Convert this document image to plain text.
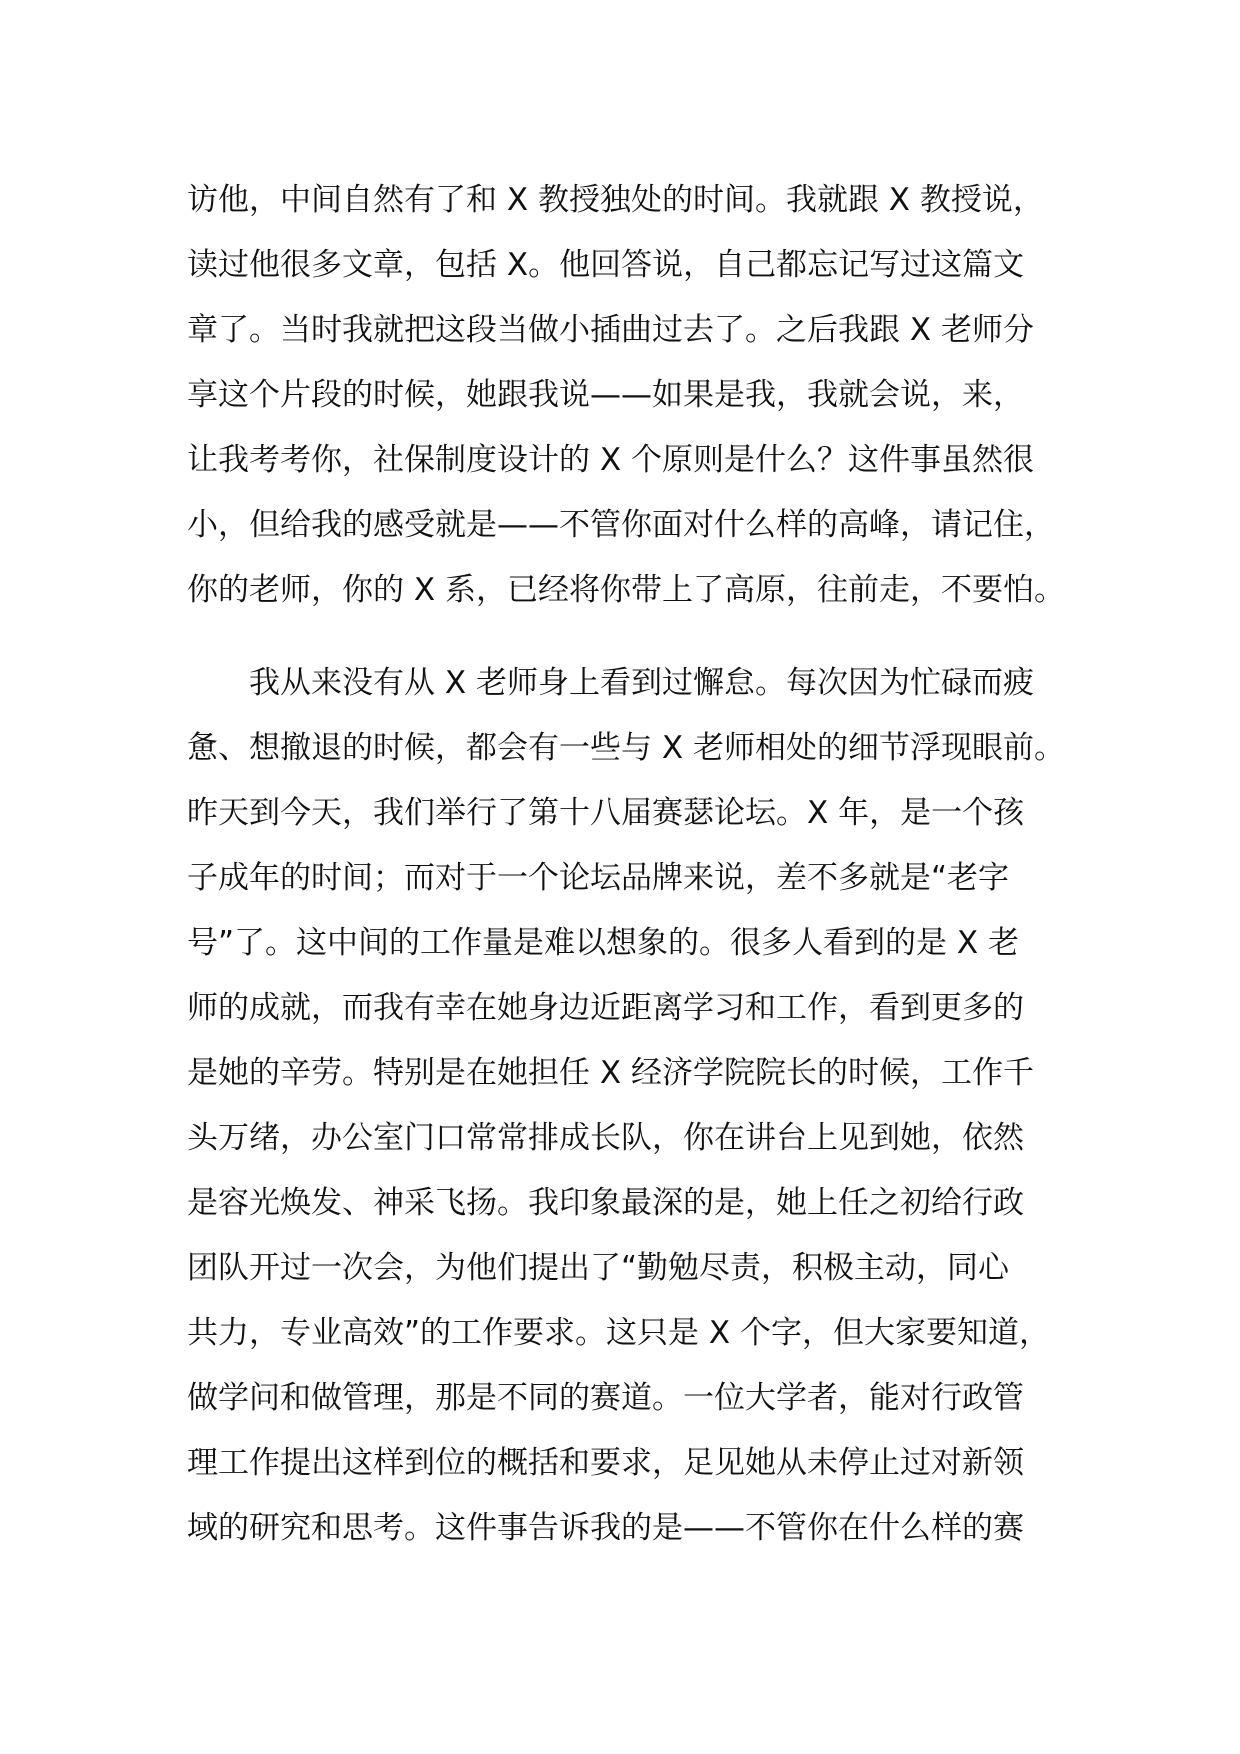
访他，中间自然有了和 X 教授独处的时间。我就跟 X 教授说，
读过他很多文章，包括 X。他回答说，自己都忘记写过这篇文
章了。当时我就把这段当做小插曲过去了。之后我跟 X 老师分
享这个片段的时候，她跟我说——如果是我，我就会说，来，
让我考考你，社保制度设计的 X 个原则是什么？这件事虽然很
小，但给我的感受就是——不管你面对什么样的高峰，请记住，
你的老师，你的 X 系，已经将你带上了高原，往前走，不要怕。
　　我从来没有从 X 老师身上看到过懈怠。每次因为忙碌而疲
惫、想撤退的时候，都会有一些与 X 老师相处的细节浮现眼前。
昨天到今天，我们举行了第十八届赛瑟论坛。X 年，是一个孩
子成年的时间；而对于一个论坛品牌来说，差不多就是“老字
号”了。这中间的工作量是难以想象的。很多人看到的是 X 老
师的成就，而我有幸在她身边近距离学习和工作，看到更多的
是她的辛劳。特别是在她担任 X 经济学院院长的时候，工作千
头万绪，办公室门口常常排成长队，你在讲台上见到她，依然
是容光焕发、神采飞扬。我印象最深的是，她上任之初给行政
团队开过一次会，为他们提出了“勤勉尽责，积极主动，同心
共力，专业高效”的工作要求。这只是 X 个字，但大家要知道，
做学问和做管理，那是不同的赛道。一位大学者，能对行政管
理工作提出这样到位的概括和要求，足见她从未停止过对新领
域的研究和思考。这件事告诉我的是——不管你在什么样的赛
